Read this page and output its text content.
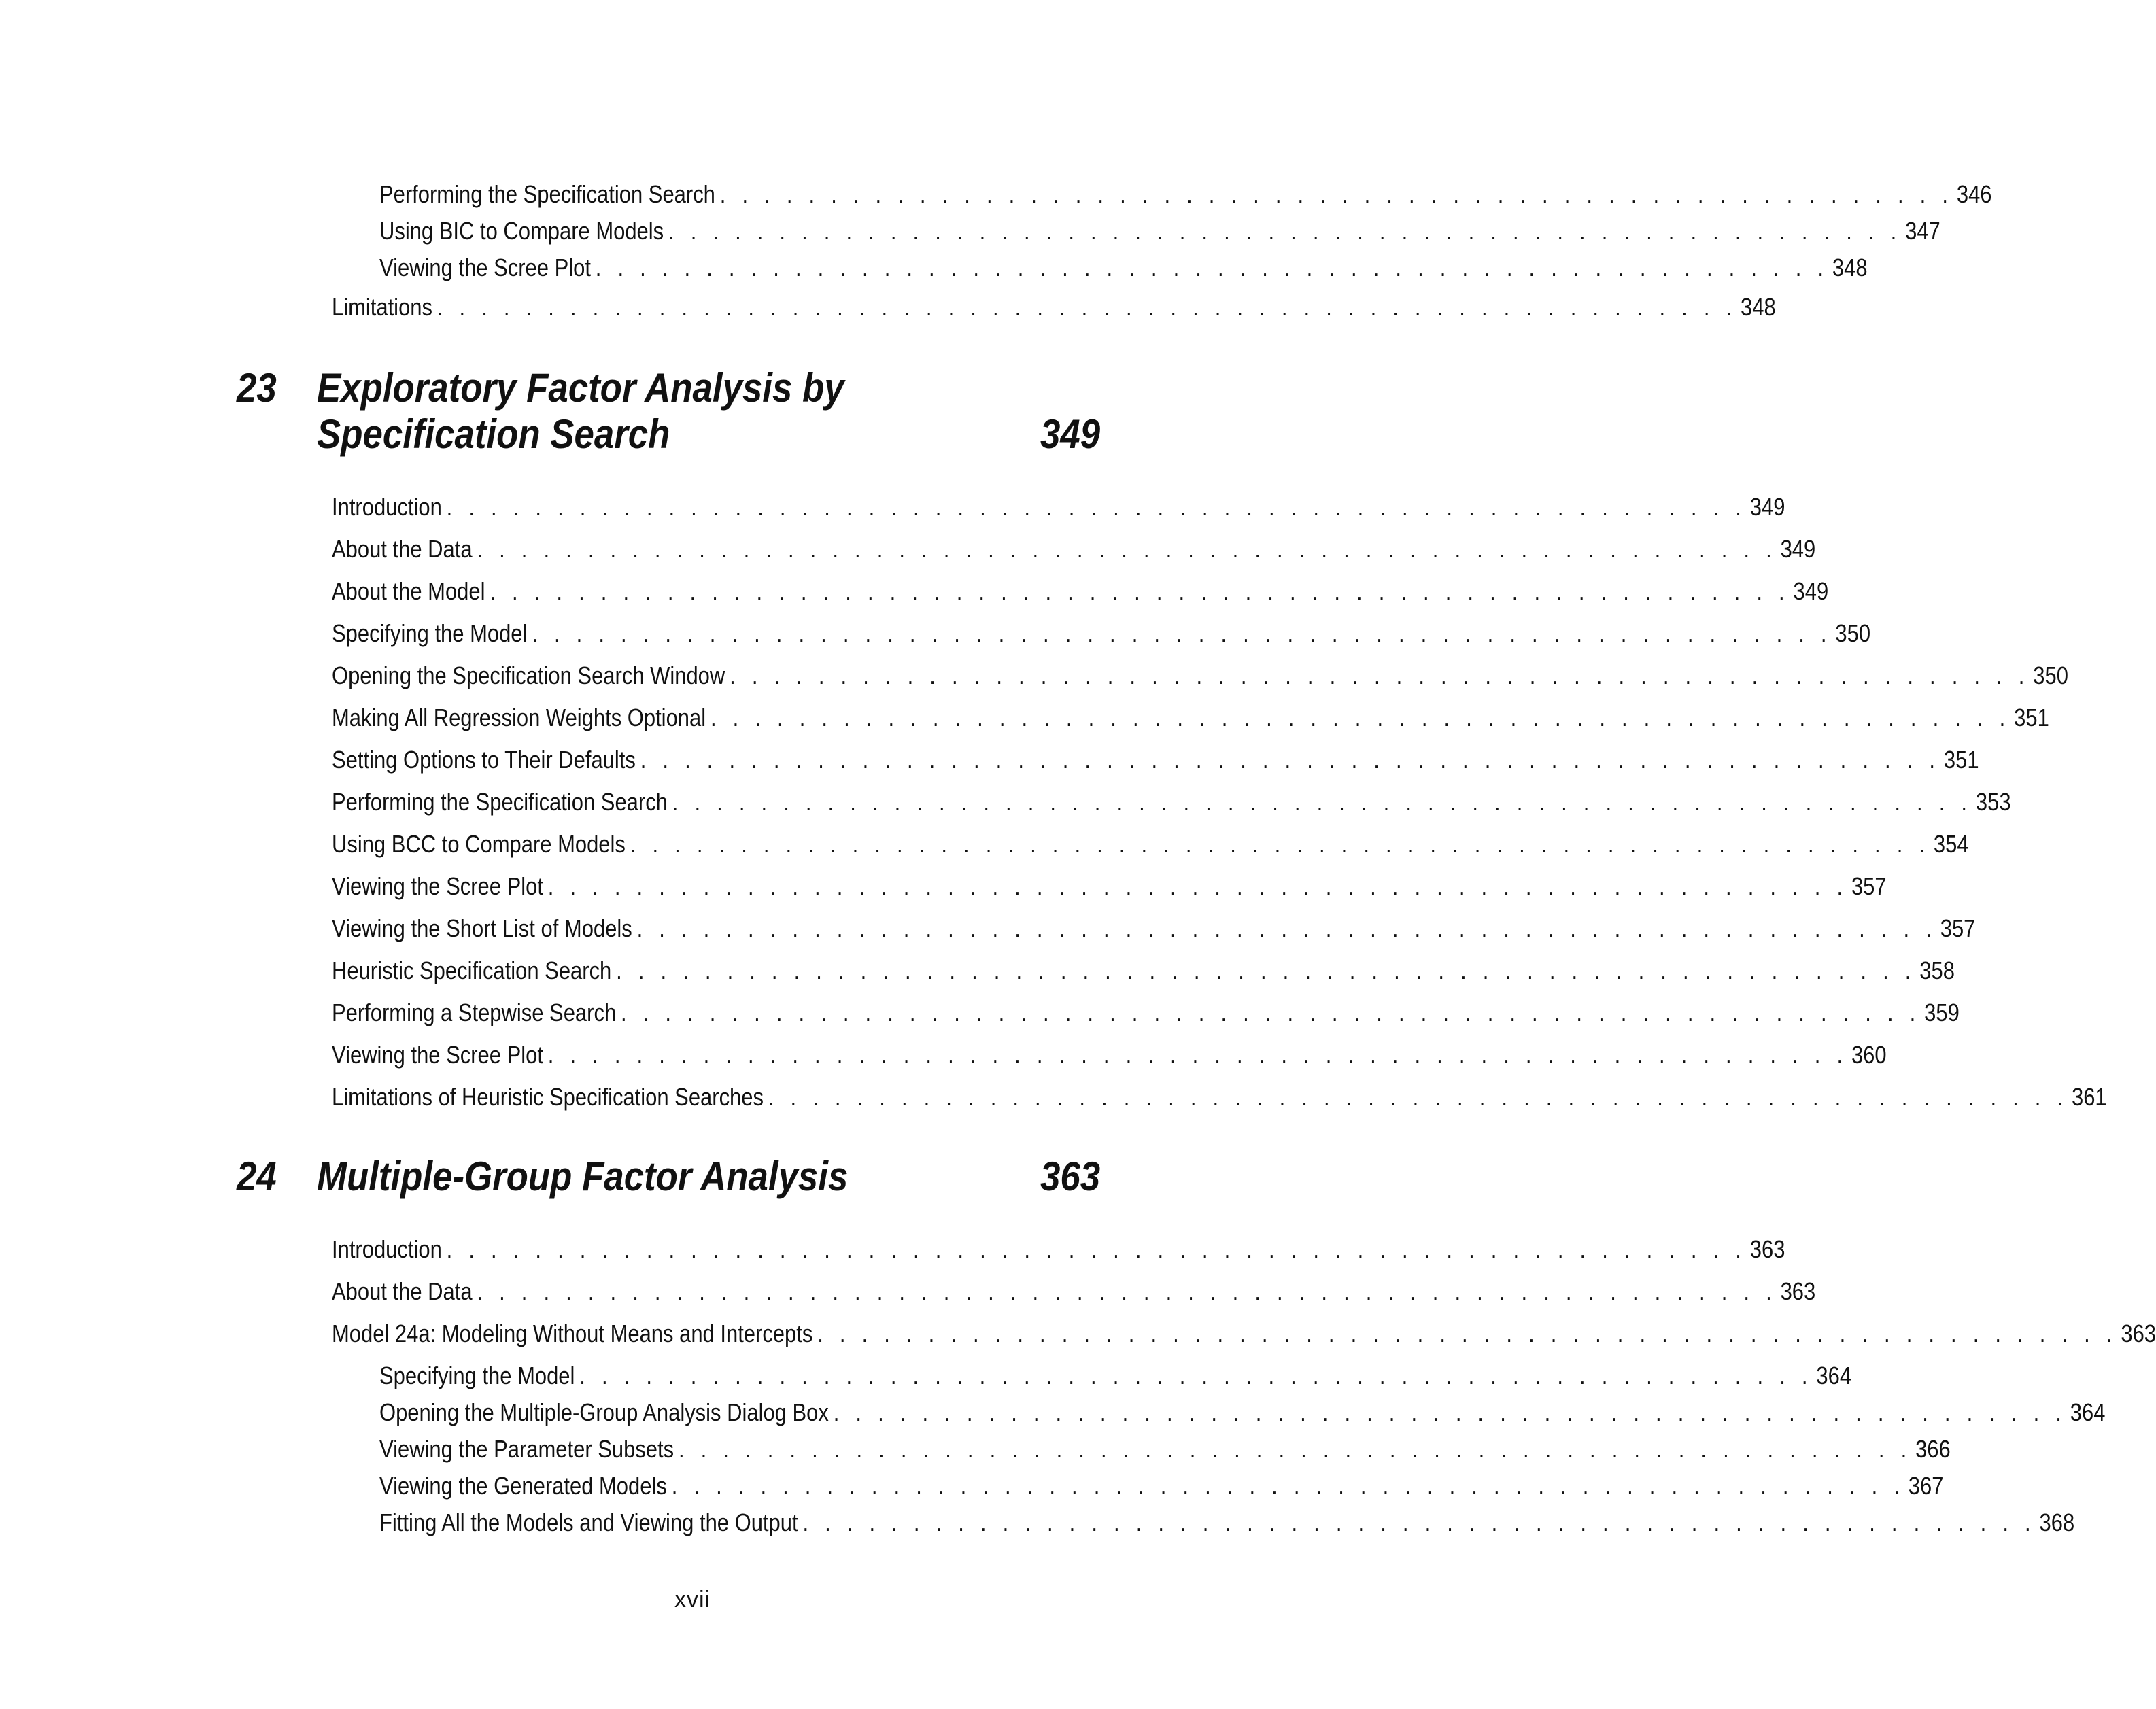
Performing the Specification Search . . . . . . . . . . . . . . . . . . . . . . . . . . . . . . . . . . . . . . . . . . . . . . . . . . . . . . . . 346
Using BIC to Compare Models . . . . . . . . . . . . . . . . . . . . . . . . . . . . . . . . . . . . . . . . . . . . . . . . . . . . . . . . 347
Viewing the Scree Plot . . . . . . . . . . . . . . . . . . . . . . . . . . . . . . . . . . . . . . . . . . . . . . . . . . . . . . . . 348
Limitations . . . . . . . . . . . . . . . . . . . . . . . . . . . . . . . . . . . . . . . . . . . . . . . . . . . . . . . . . . . 348
23 Exploratory Factor Analysis by
Specification Search	349
Introduction . . . . . . . . . . . . . . . . . . . . . . . . . . . . . . . . . . . . . . . . . . . . . . . . . . . . . . . . . . . 349
About the Data . . . . . . . . . . . . . . . . . . . . . . . . . . . . . . . . . . . . . . . . . . . . . . . . . . . . . . . . . . . 349
About the Model . . . . . . . . . . . . . . . . . . . . . . . . . . . . . . . . . . . . . . . . . . . . . . . . . . . . . . . . . . . 349
Specifying the Model . . . . . . . . . . . . . . . . . . . . . . . . . . . . . . . . . . . . . . . . . . . . . . . . . . . . . . . . . . . 350
Opening the Specification Search Window . . . . . . . . . . . . . . . . . . . . . . . . . . . . . . . . . . . . . . . . . . . . . . . . . . . . . . . . . . . 350
Making All Regression Weights Optional . . . . . . . . . . . . . . . . . . . . . . . . . . . . . . . . . . . . . . . . . . . . . . . . . . . . . . . . . . . 351
Setting Options to Their Defaults . . . . . . . . . . . . . . . . . . . . . . . . . . . . . . . . . . . . . . . . . . . . . . . . . . . . . . . . . . . 351
Performing the Specification Search . . . . . . . . . . . . . . . . . . . . . . . . . . . . . . . . . . . . . . . . . . . . . . . . . . . . . . . . . . . 353
Using BCC to Compare Models . . . . . . . . . . . . . . . . . . . . . . . . . . . . . . . . . . . . . . . . . . . . . . . . . . . . . . . . . . . 354
Viewing the Scree Plot . . . . . . . . . . . . . . . . . . . . . . . . . . . . . . . . . . . . . . . . . . . . . . . . . . . . . . . . . . . 357
Viewing the Short List of Models . . . . . . . . . . . . . . . . . . . . . . . . . . . . . . . . . . . . . . . . . . . . . . . . . . . . . . . . . . . 357
Heuristic Specification Search . . . . . . . . . . . . . . . . . . . . . . . . . . . . . . . . . . . . . . . . . . . . . . . . . . . . . . . . . . . 358
Performing a Stepwise Search . . . . . . . . . . . . . . . . . . . . . . . . . . . . . . . . . . . . . . . . . . . . . . . . . . . . . . . . . . . 359
Viewing the Scree Plot . . . . . . . . . . . . . . . . . . . . . . . . . . . . . . . . . . . . . . . . . . . . . . . . . . . . . . . . . . . 360
Limitations of Heuristic Specification Searches . . . . . . . . . . . . . . . . . . . . . . . . . . . . . . . . . . . . . . . . . . . . . . . . . . . . . . . . . . . 361
24 Multiple-Group Factor Analysis	363
Introduction . . . . . . . . . . . . . . . . . . . . . . . . . . . . . . . . . . . . . . . . . . . . . . . . . . . . . . . . . . . 363
About the Data . . . . . . . . . . . . . . . . . . . . . . . . . . . . . . . . . . . . . . . . . . . . . . . . . . . . . . . . . . . 363
Model 24a: Modeling Without Means and Intercepts . . . . . . . . . . . . . . . . . . . . . . . . . . . . . . . . . . . . . . . . . . . . . . . . . . . . . . . . . . . 363
Specifying the Model . . . . . . . . . . . . . . . . . . . . . . . . . . . . . . . . . . . . . . . . . . . . . . . . . . . . . . . . 364
Opening the Multiple-Group Analysis Dialog Box . . . . . . . . . . . . . . . . . . . . . . . . . . . . . . . . . . . . . . . . . . . . . . . . . . . . . . . . 364
Viewing the Parameter Subsets . . . . . . . . . . . . . . . . . . . . . . . . . . . . . . . . . . . . . . . . . . . . . . . . . . . . . . . . 366
Viewing the Generated Models . . . . . . . . . . . . . . . . . . . . . . . . . . . . . . . . . . . . . . . . . . . . . . . . . . . . . . . . 367
Fitting All the Models and Viewing the Output . . . . . . . . . . . . . . . . . . . . . . . . . . . . . . . . . . . . . . . . . . . . . . . . . . . . . . . . 368
xvii
